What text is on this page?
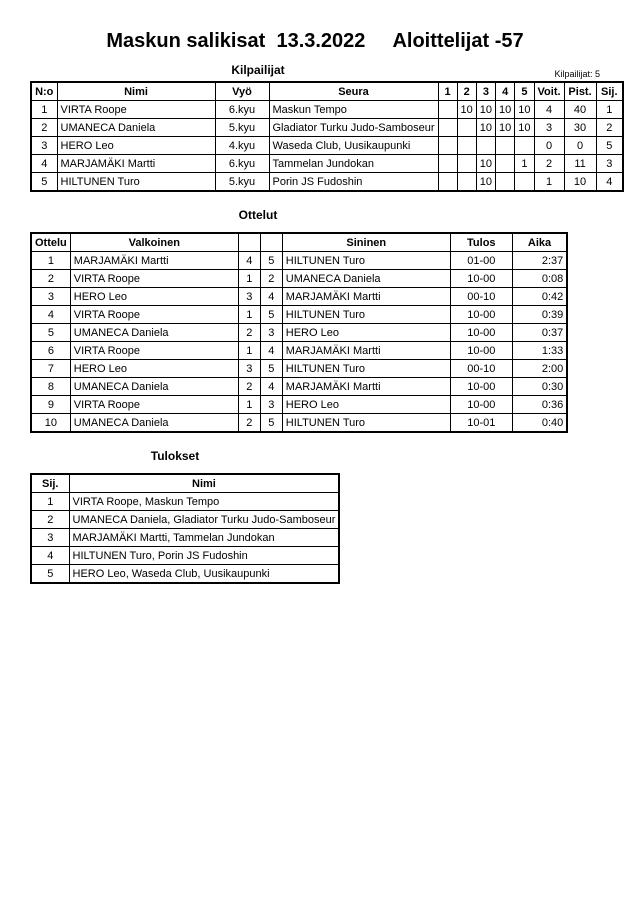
Maskun salikisat  13.3.2022     Aloittelijat -57
Kilpailijat	Kilpailijat: 5
N:o	Nimi	Vyö	Seura	1	2	3	4	5	Voit.	Pist.	Sij.
1	VIRTA Roope	6.kyu	Maskun Tempo		10	10	10	10	4	40	1
2	UMANECA Daniela	5.kyu	Gladiator Turku Judo-Samboseur			10	10	10	3	30	2
3	HERO Leo	4.kyu	Waseda Club, Uusikaupunki						0	0	5
4	MARJAMÄKI Martti	6.kyu	Tammelan Jundokan			10		1	2	11	3
5	HILTUNEN Turo	5.kyu	Porin JS Fudoshin			10			1	10	4
Ottelut
Ottelu	Valkoinen			Sininen	Tulos	Aika
1	MARJAMÄKI Martti	4	5	HILTUNEN Turo	01-00	2:37
2	VIRTA Roope	1	2	UMANECA Daniela	10-00	0:08
3	HERO Leo	3	4	MARJAMÄKI Martti	00-10	0:42
4	VIRTA Roope	1	5	HILTUNEN Turo	10-00	0:39
5	UMANECA Daniela	2	3	HERO Leo	10-00	0:37
6	VIRTA Roope	1	4	MARJAMÄKI Martti	10-00	1:33
7	HERO Leo	3	5	HILTUNEN Turo	00-10	2:00
8	UMANECA Daniela	2	4	MARJAMÄKI Martti	10-00	0:30
9	VIRTA Roope	1	3	HERO Leo	10-00	0:36
10	UMANECA Daniela	2	5	HILTUNEN Turo	10-01	0:40
Tulokset
Sij.	Nimi
1	VIRTA Roope, Maskun Tempo
2	UMANECA Daniela, Gladiator Turku Judo-Samboseur
3	MARJAMÄKI Martti, Tammelan Jundokan
4	HILTUNEN Turo, Porin JS Fudoshin
5	HERO Leo, Waseda Club, Uusikaupunki
